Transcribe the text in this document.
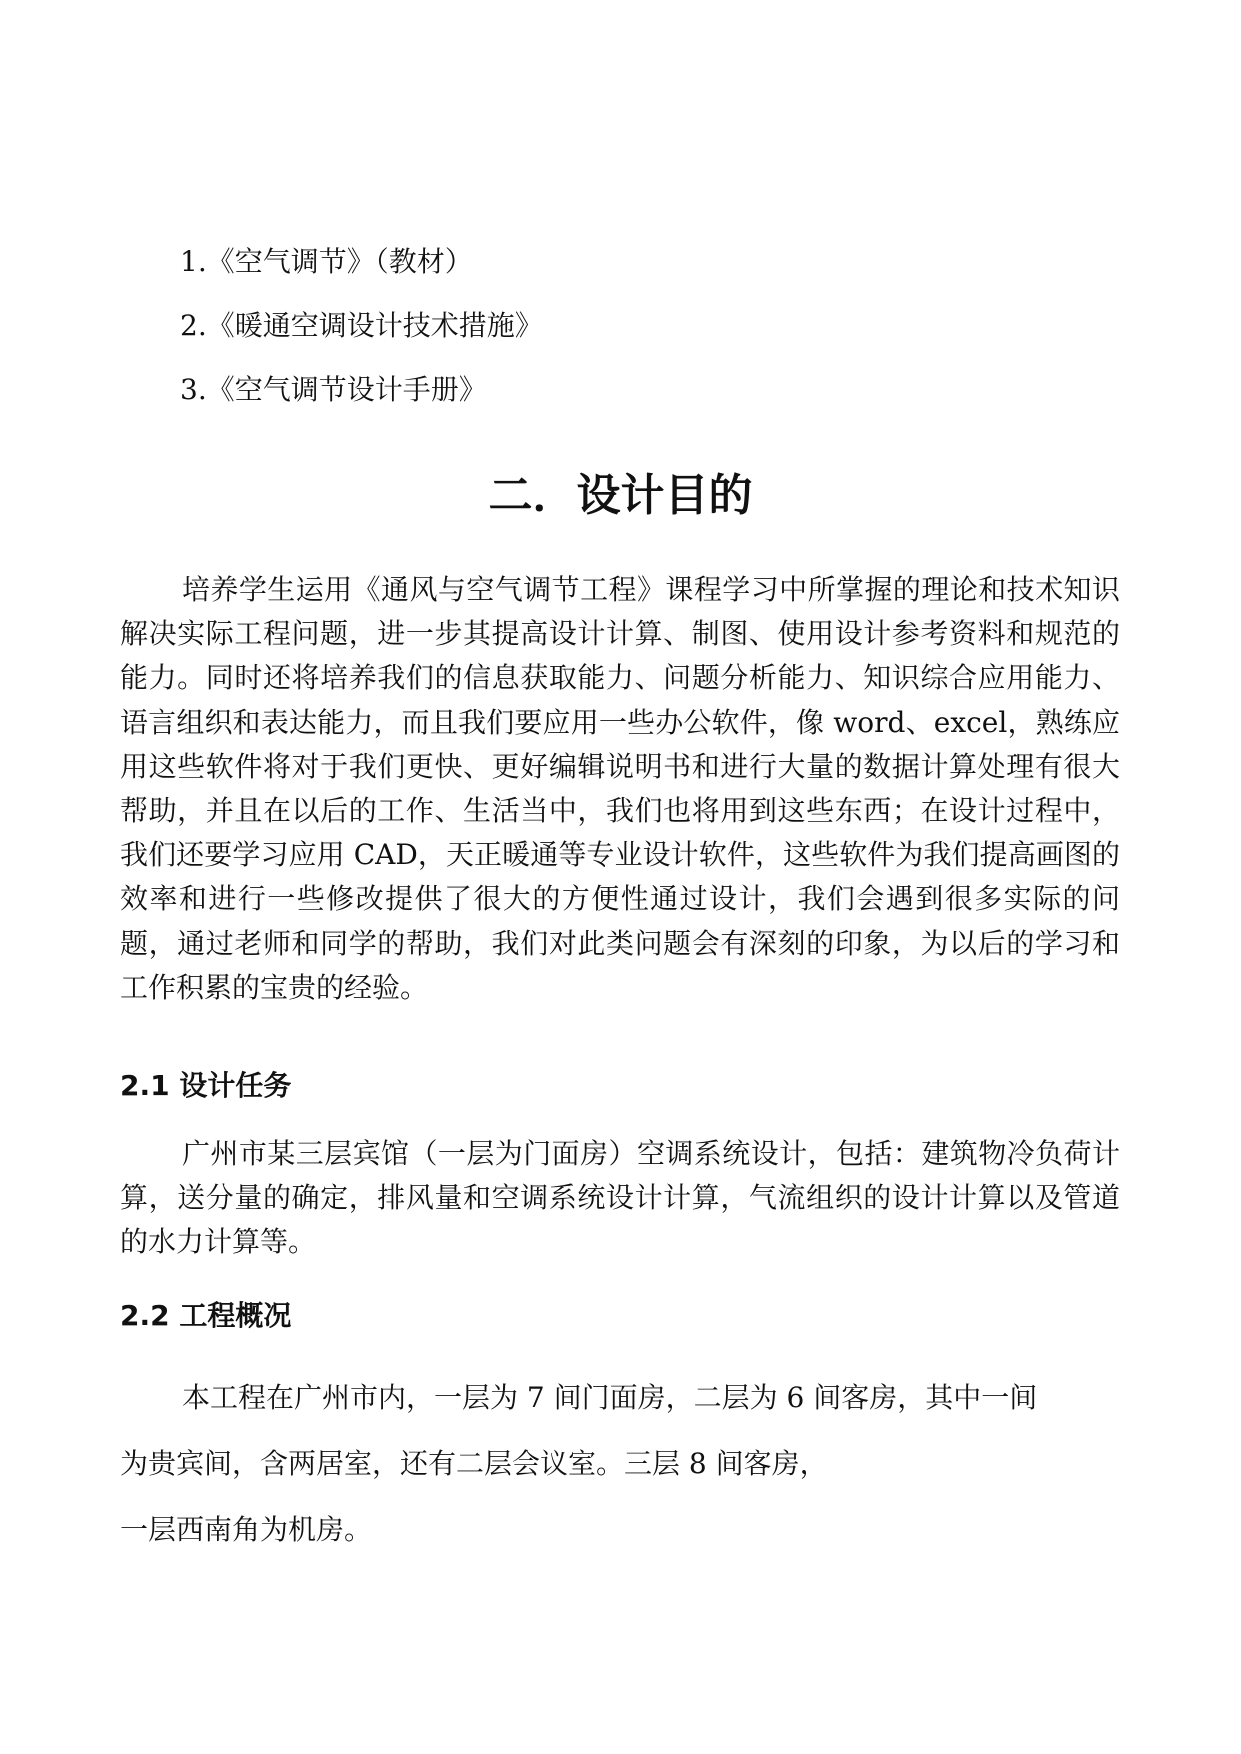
1.《空气调节》（教材）

2.《暖通空调设计技术措施》

3.《空气调节设计手册》

二．设计目的

培养学生运用《通风与空气调节工程》课程学习中所掌握的理论和技术知识解决实际工程问题，进一步其提高设计计算、制图、使用设计参考资料和规范的能力。同时还将培养我们的信息获取能力、问题分析能力、知识综合应用能力、语言组织和表达能力，而且我们要应用一些办公软件，像 word、excel，熟练应用这些软件将对于我们更快、更好编辑说明书和进行大量的数据计算处理有很大帮助，并且在以后的工作、生活当中，我们也将用到这些东西；在设计过程中，我们还要学习应用 CAD，天正暖通等专业设计软件，这些软件为我们提高画图的效率和进行一些修改提供了很大的方便性通过设计，我们会遇到很多实际的问题，通过老师和同学的帮助，我们对此类问题会有深刻的印象，为以后的学习和工作积累的宝贵的经验。

2.1 设计任务

广州市某三层宾馆（一层为门面房）空调系统设计，包括：建筑物冷负荷计算，送分量的确定，排风量和空调系统设计计算，气流组织的设计计算以及管道的水力计算等。

2.2 工程概况

本工程在广州市内，一层为 7 间门面房，二层为 6 间客房，其中一间

为贵宾间，含两居室，还有二层会议室。三层 8 间客房，

一层西南角为机房。
